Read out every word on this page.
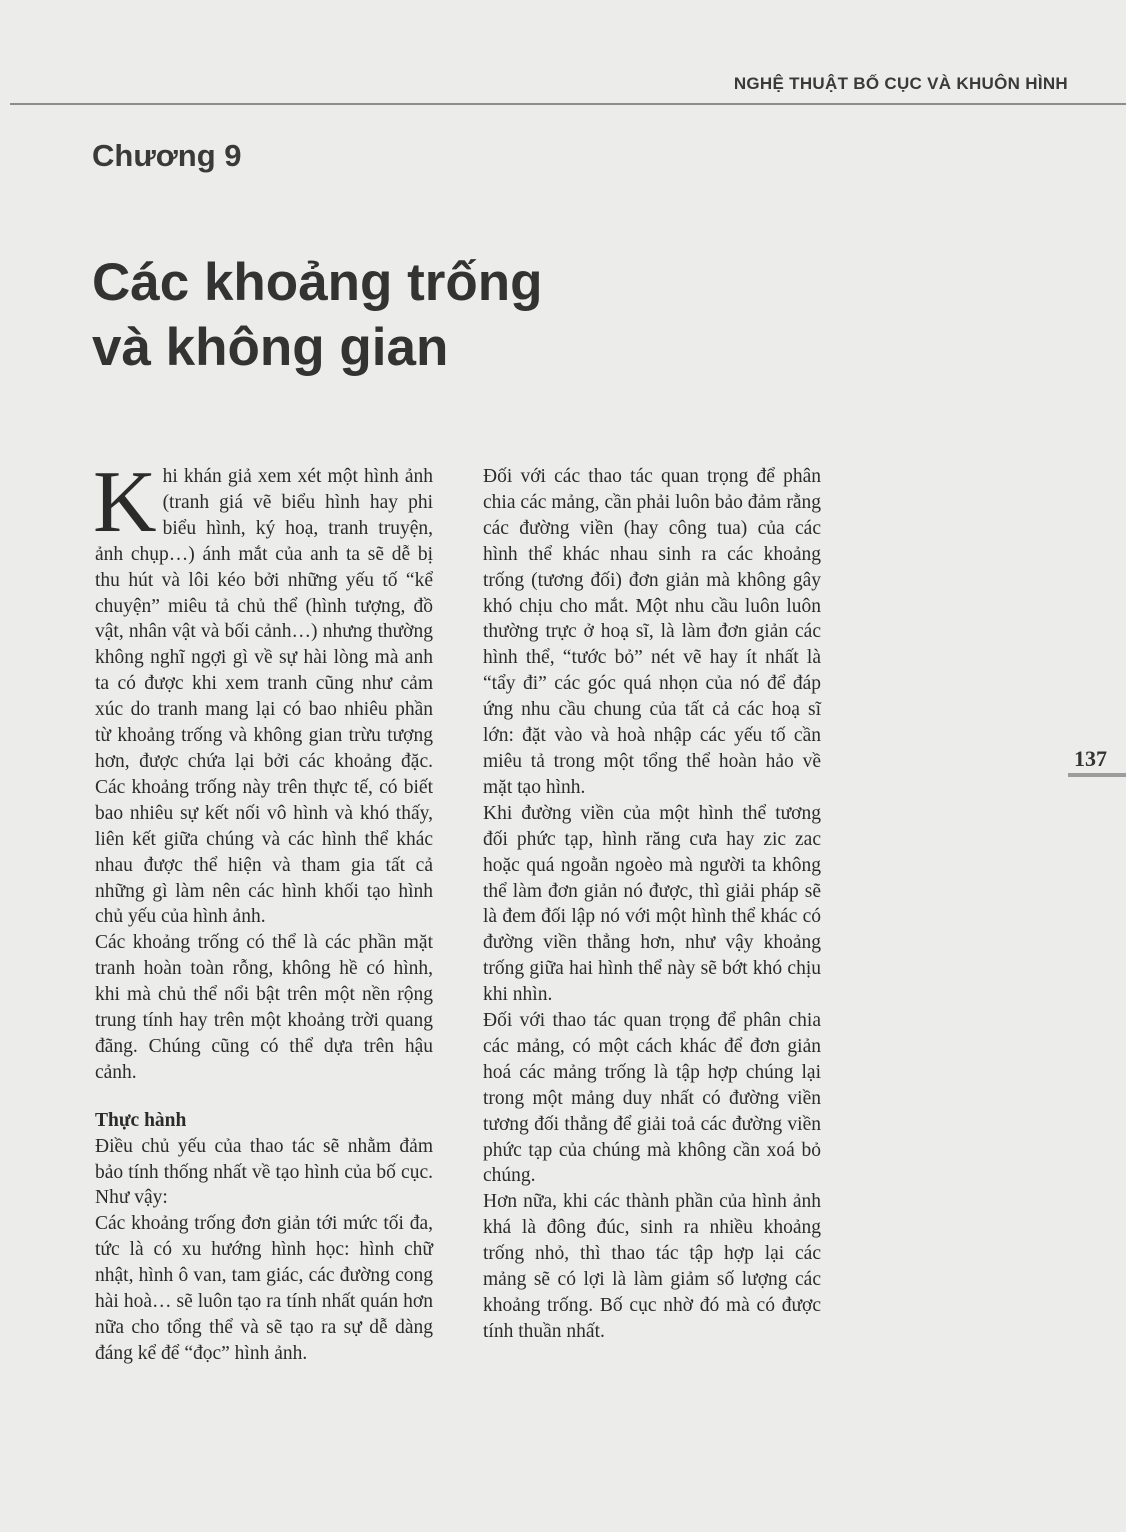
NGHỆ THUẬT BỐ CỤC VÀ KHUÔN HÌNH
Chương 9
Các khoảng trống
và không gian

K hi khán giả xem xét một hình ảnh (tranh giá vẽ biểu hình hay phi biểu hình, ký hoạ, tranh truyện, ảnh chụp…) ánh mắt của anh ta sẽ dễ bị thu hút và lôi kéo bởi những yếu tố “kể chuyện” miêu tả chủ thể (hình tượng, đồ vật, nhân vật và bối cảnh…) nhưng thường không nghĩ ngợi gì về sự hài lòng mà anh ta có được khi xem tranh cũng như cảm xúc do tranh mang lại có bao nhiêu phần từ khoảng trống và không gian trừu tượng hơn, được chứa lại bởi các khoảng đặc. Các khoảng trống này trên thực tế, có biết bao nhiêu sự kết nối vô hình và khó thấy, liên kết giữa chúng và các hình thể khác nhau được thể hiện và tham gia tất cả những gì làm nên các hình khối tạo hình chủ yếu của hình ảnh.

Các khoảng trống có thể là các phần mặt tranh hoàn toàn rỗng, không hề có hình, khi mà chủ thể nổi bật trên một nền rộng trung tính hay trên một khoảng trời quang đãng. Chúng cũng có thể dựa trên hậu cảnh.

Thực hành

Điều chủ yếu của thao tác sẽ nhằm đảm bảo tính thống nhất về tạo hình của bố cục. Như vậy:

Các khoảng trống đơn giản tới mức tối đa, tức là có xu hướng hình học: hình chữ nhật, hình ô van, tam giác, các đường cong hài hoà… sẽ luôn tạo ra tính nhất quán hơn nữa cho tổng thể và sẽ tạo ra sự dễ dàng đáng kể để “đọc” hình ảnh.

Đối với các thao tác quan trọng để phân chia các mảng, cần phải luôn bảo đảm rằng các đường viền (hay công tua) của các hình thể khác nhau sinh ra các khoảng trống (tương đối) đơn giản mà không gây khó chịu cho mắt. Một nhu cầu luôn luôn thường trực ở hoạ sĩ, là làm đơn giản các hình thể, “tước bỏ” nét vẽ hay ít nhất là “tẩy đi” các góc quá nhọn của nó để đáp ứng nhu cầu chung của tất cả các hoạ sĩ lớn: đặt vào và hoà nhập các yếu tố cần miêu tả trong một tổng thể hoàn hảo về mặt tạo hình.

Khi đường viền của một hình thể tương đối phức tạp, hình răng cưa hay zic zac hoặc quá ngoằn ngoèo mà người ta không thể làm đơn giản nó được, thì giải pháp sẽ là đem đối lập nó với một hình thể khác có đường viền thẳng hơn, như vậy khoảng trống giữa hai hình thể này sẽ bớt khó chịu khi nhìn.

Đối với thao tác quan trọng để phân chia các mảng, có một cách khác để đơn giản hoá các mảng trống là tập hợp chúng lại trong một mảng duy nhất có đường viền tương đối thẳng để giải toả các đường viền phức tạp của chúng mà không cần xoá bỏ chúng.

Hơn nữa, khi các thành phần của hình ảnh khá là đông đúc, sinh ra nhiều khoảng trống nhỏ, thì thao tác tập hợp lại các mảng sẽ có lợi là làm giảm số lượng các khoảng trống. Bố cục nhờ đó mà có được tính thuần nhất.

137
